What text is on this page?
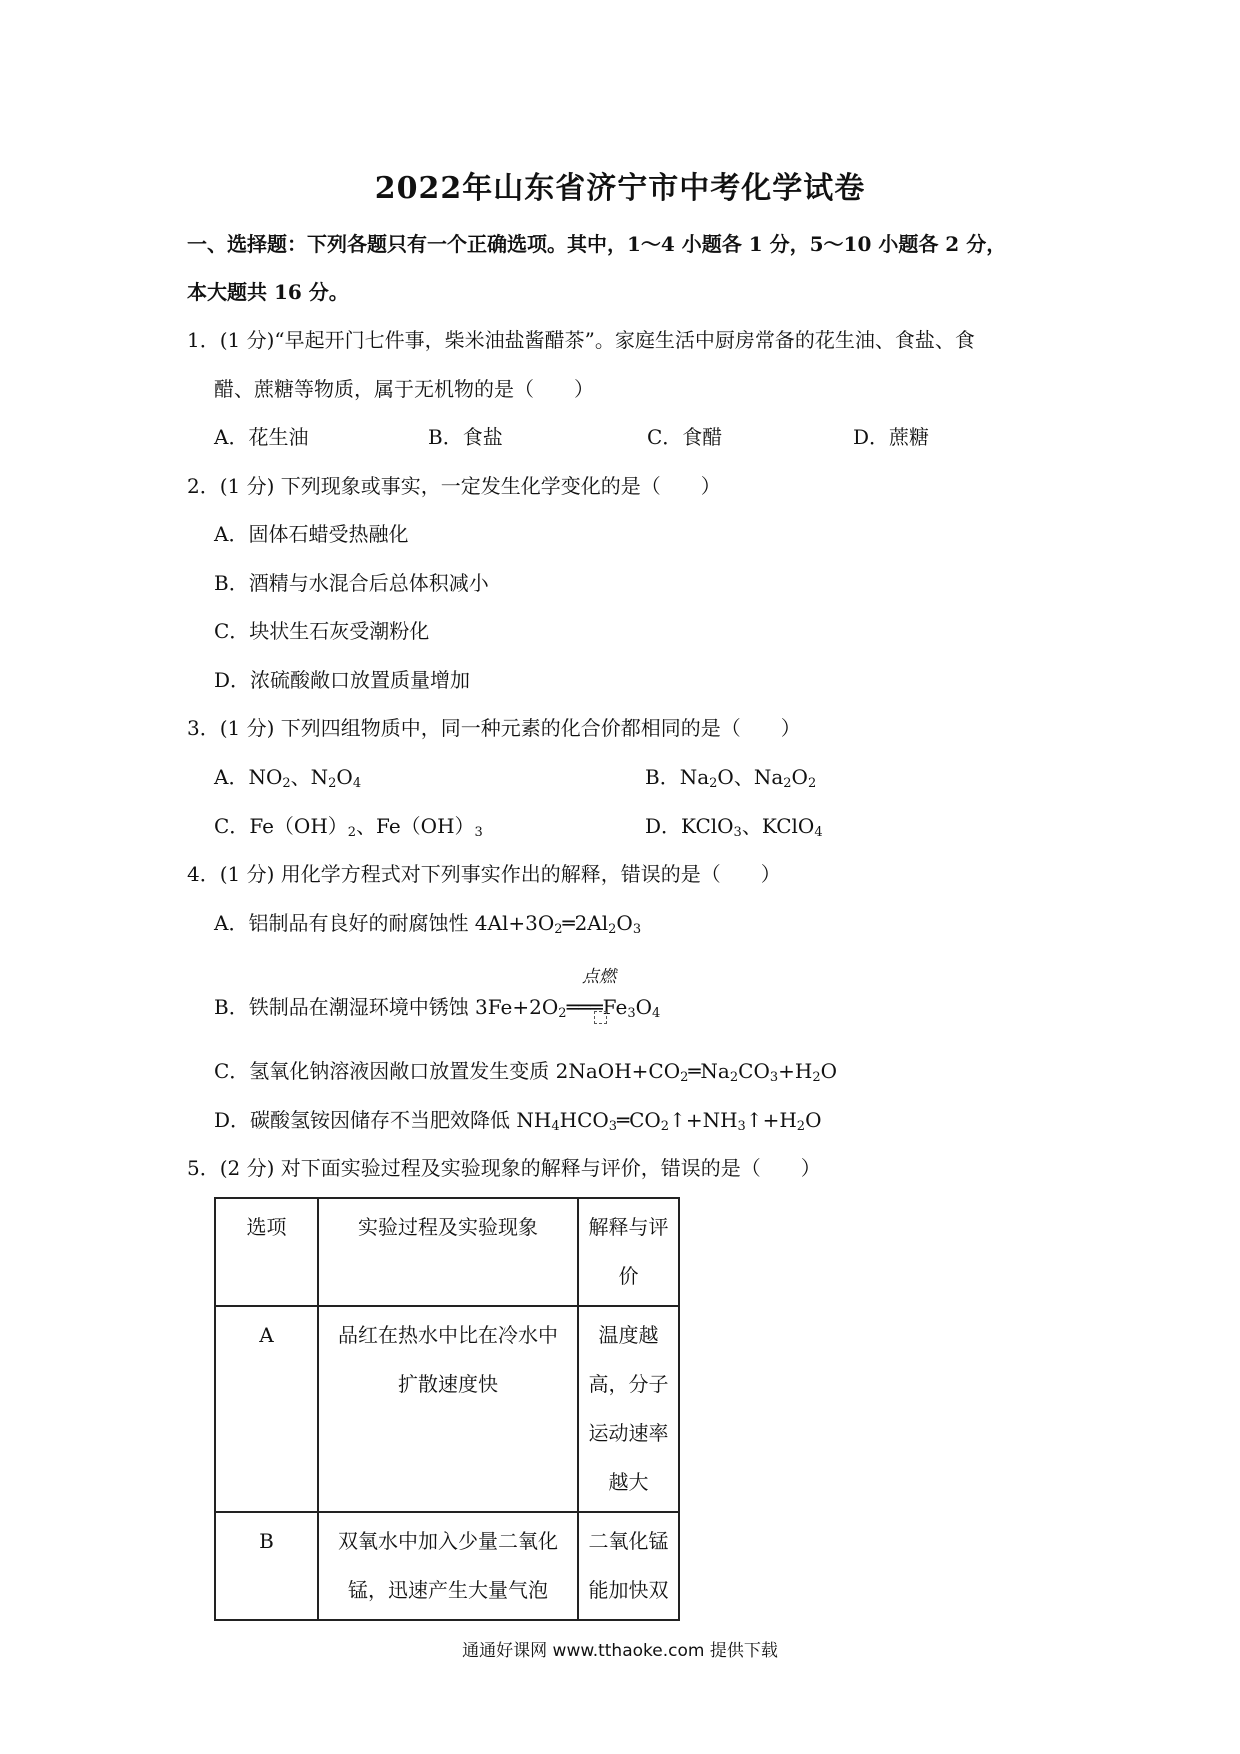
2022年山东省济宁市中考化学试卷
一、选择题：下列各题只有一个正确选项。其中，1～4 小题各 1 分，5～10 小题各 2 分，
本大题共 16 分。
1．(1 分)“早起开门七件事，柴米油盐酱醋茶”。家庭生活中厨房常备的花生油、食盐、食
醋、蔗糖等物质，属于无机物的是（　　）
A．花生油	B．食盐	C．食醋	D．蔗糖
2．(1 分) 下列现象或事实，一定发生化学变化的是（　　）
A．固体石蜡受热融化
B．酒精与水混合后总体积减小
C．块状生石灰受潮粉化
D．浓硫酸敞口放置质量增加
3．(1 分) 下列四组物质中，同一种元素的化合价都相同的是（　　）
A．$NO_2$、$N_2O_4$	B．$Na_2O$、$Na_2O_2$
C．$Fe(OH)_2$、$Fe(OH)_3$	D．KClO$_3$、KClO$_4$
4．(1 分) 用化学方程式对下列事实作出的解释，错误的是（　　）
A．铝制品有良好的耐腐蚀性 $4Al+3O_2═2Al_2O_3$
点燃
B．铁制品在潮湿环境中锈蚀 $3Fe+2O_2═══Fe_3O_4$
C．氢氧化钠溶液因敞口放置发生变质 $2NaOH+CO_2═Na_2CO_3+H_2O$
D．碳酸氢铵因储存不当肥效降低 $NH_4HCO_3═CO_2↑+NH_3↑+H_2O$
5．(2 分) 对下面实验过程及实验现象的解释与评价，错误的是（　　）
选项	实验过程及实验现象	解释与评价
A	品红在热水中比在冷水中扩散速度快	温度越高，分子运动速率越大
B	双氧水中加入少量二氧化锰，迅速产生大量气泡	二氧化锰能加快双
通通好课网 www.tthaoke.com 提供下载
